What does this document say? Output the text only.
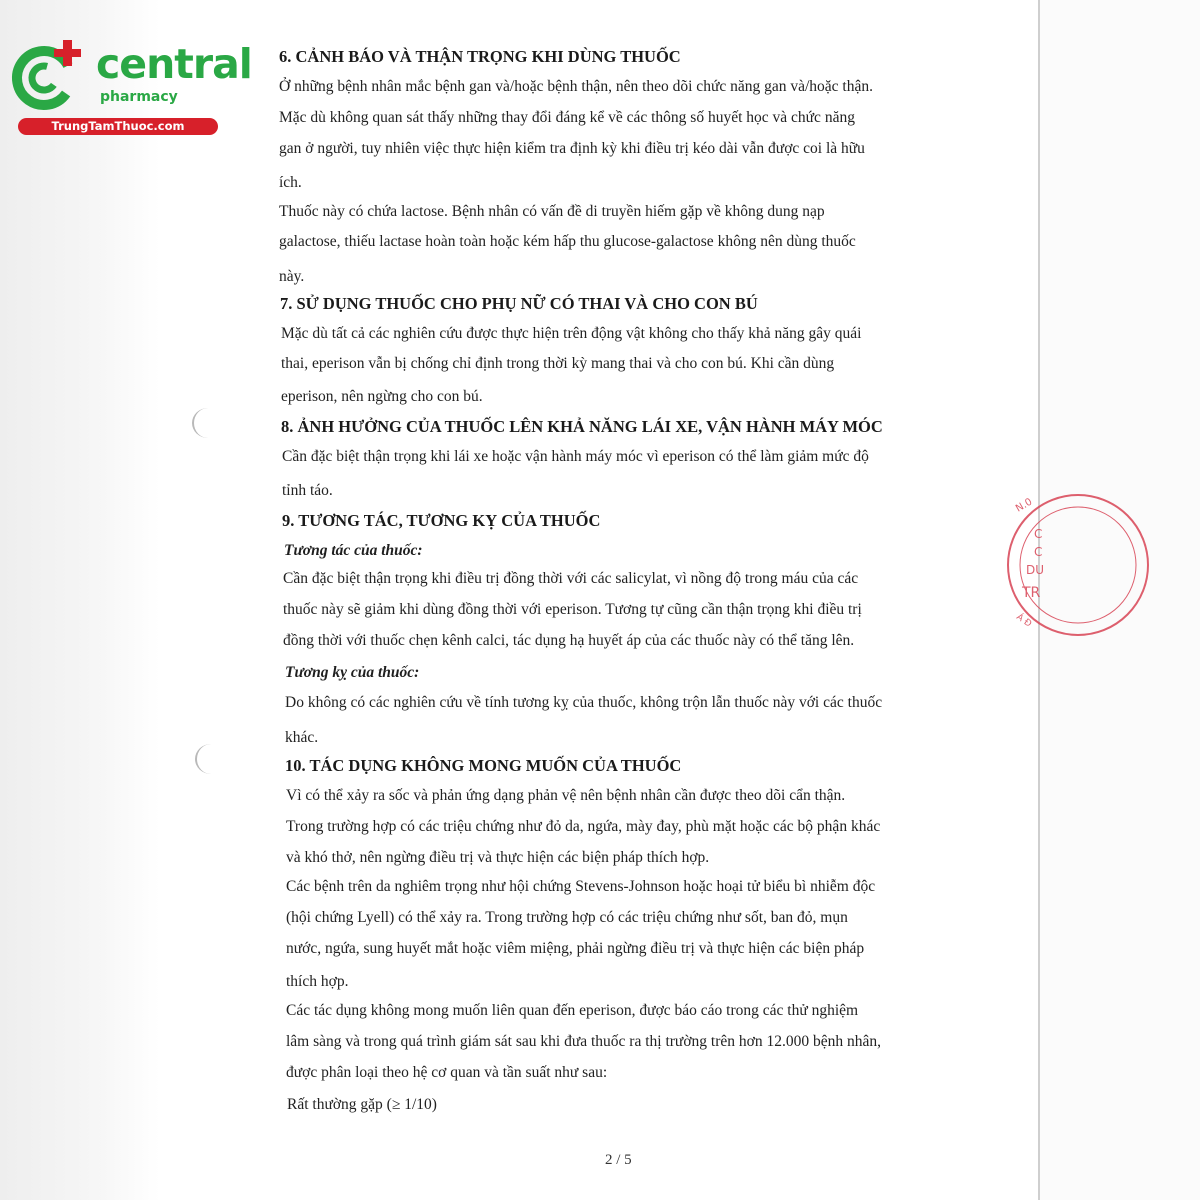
central
pharmacy
TrungTamThuoc.com
N.0
C
C
DU
TR
Á Đ
6. CẢNH BÁO VÀ THẬN TRỌNG KHI DÙNG THUỐC
Ở những bệnh nhân mắc bệnh gan và/hoặc bệnh thận, nên theo dõi chức năng gan và/hoặc thận.
Mặc dù không quan sát thấy những thay đổi đáng kể về các thông số huyết học và chức năng
gan ở người, tuy nhiên việc thực hiện kiểm tra định kỳ khi điều trị kéo dài vẫn được coi là hữu
ích.
Thuốc này có chứa lactose. Bệnh nhân có vấn đề di truyền hiếm gặp về không dung nạp
galactose, thiếu lactase hoàn toàn hoặc kém hấp thu glucose-galactose không nên dùng thuốc
này.
7. SỬ DỤNG THUỐC CHO PHỤ NỮ CÓ THAI VÀ CHO CON BÚ
Mặc dù tất cả các nghiên cứu được thực hiện trên động vật không cho thấy khả năng gây quái
thai, eperison vẫn bị chống chỉ định trong thời kỳ mang thai và cho con bú. Khi cần dùng
eperison, nên ngừng cho con bú.
8. ẢNH HƯỞNG CỦA THUỐC LÊN KHẢ NĂNG LÁI XE, VẬN HÀNH MÁY MÓC
Cần đặc biệt thận trọng khi lái xe hoặc vận hành máy móc vì eperison có thể làm giảm mức độ
tỉnh táo.
9. TƯƠNG TÁC, TƯƠNG KỴ CỦA THUỐC
Tương tác của thuốc:
Cần đặc biệt thận trọng khi điều trị đồng thời với các salicylat, vì nồng độ trong máu của các
thuốc này sẽ giảm khi dùng đồng thời với eperison. Tương tự cũng cần thận trọng khi điều trị
đồng thời với thuốc chẹn kênh calci, tác dụng hạ huyết áp của các thuốc này có thể tăng lên.
Tương kỵ của thuốc:
Do không có các nghiên cứu về tính tương kỵ của thuốc, không trộn lẫn thuốc này với các thuốc
khác.
10. TÁC DỤNG KHÔNG MONG MUỐN CỦA THUỐC
Vì có thể xảy ra sốc và phản ứng dạng phản vệ nên bệnh nhân cần được theo dõi cẩn thận.
Trong trường hợp có các triệu chứng như đỏ da, ngứa, mày đay, phù mặt hoặc các bộ phận khác
và khó thở, nên ngừng điều trị và thực hiện các biện pháp thích hợp.
Các bệnh trên da nghiêm trọng như hội chứng Stevens-Johnson hoặc hoại tử biểu bì nhiễm độc
(hội chứng Lyell) có thể xảy ra. Trong trường hợp có các triệu chứng như sốt, ban đỏ, mụn
nước, ngứa, sung huyết mắt hoặc viêm miệng, phải ngừng điều trị và thực hiện các biện pháp
thích hợp.
Các tác dụng không mong muốn liên quan đến eperison, được báo cáo trong các thử nghiệm
lâm sàng và trong quá trình giám sát sau khi đưa thuốc ra thị trường trên hơn 12.000 bệnh nhân,
được phân loại theo hệ cơ quan và tần suất như sau:
Rất thường gặp (≥ 1/10)
2 / 5
